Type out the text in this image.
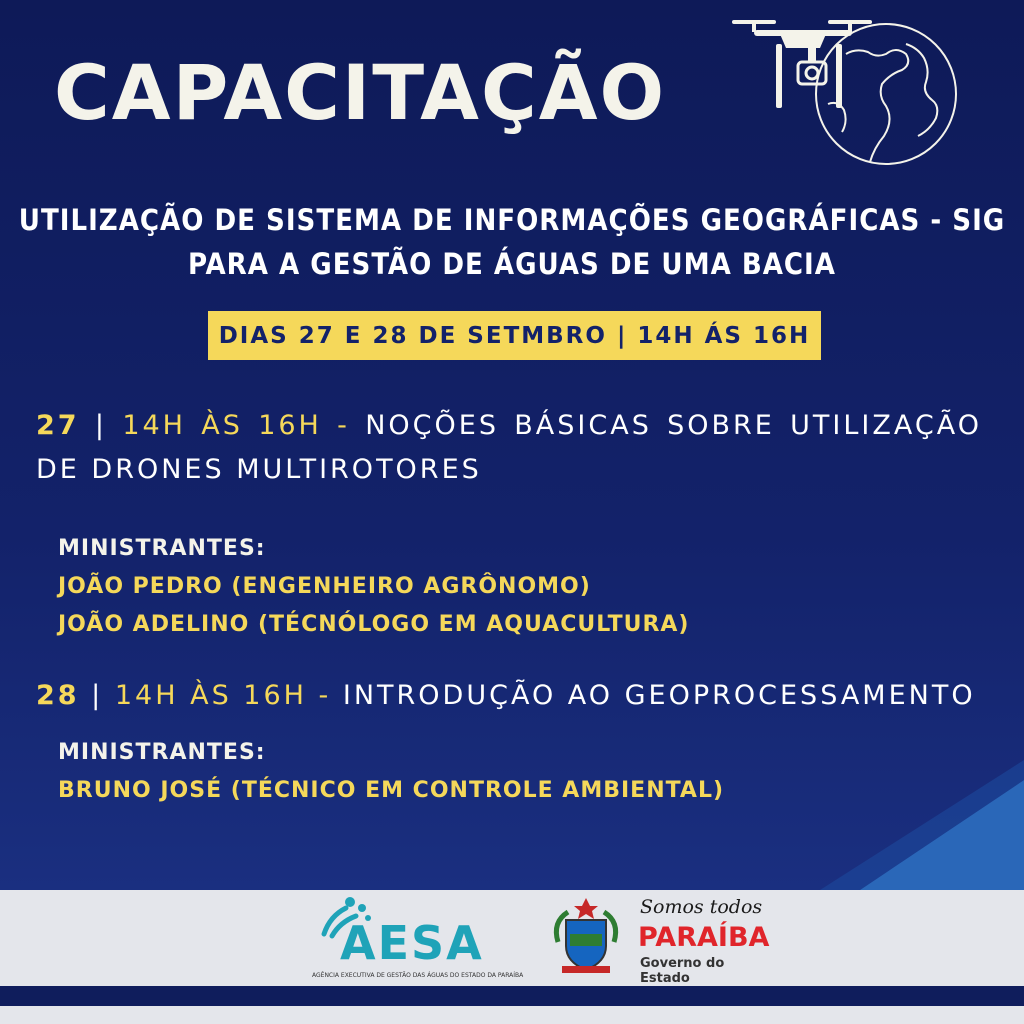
CAPACITAÇÃO
UTILIZAÇÃO DE SISTEMA DE INFORMAÇÕES GEOGRÁFICAS - SIG
PARA A GESTÃO DE ÁGUAS DE UMA BACIA
DIAS 27 E 28 DE SETMBRO | 14H ÁS 16H
27 | 14H ÀS 16H - NOÇÕES BÁSICAS SOBRE UTILIZAÇÃO DE DRONES MULTIROTORES
MINISTRANTES:
JOÃO PEDRO (ENGENHEIRO AGRÔNOMO)
JOÃO ADELINO (TÉCNÓLOGO EM AQUACULTURA)
28 | 14H ÀS 16H - INTRODUÇÃO AO GEOPROCESSAMENTO
MINISTRANTES:
BRUNO JOSÉ (TÉCNICO EM CONTROLE AMBIENTAL)
AESA
AGÊNCIA EXECUTIVA DE GESTÃO DAS ÁGUAS DO ESTADO DA PARAÍBA
Somos todos
PARAÍBA
Governo do Estado
